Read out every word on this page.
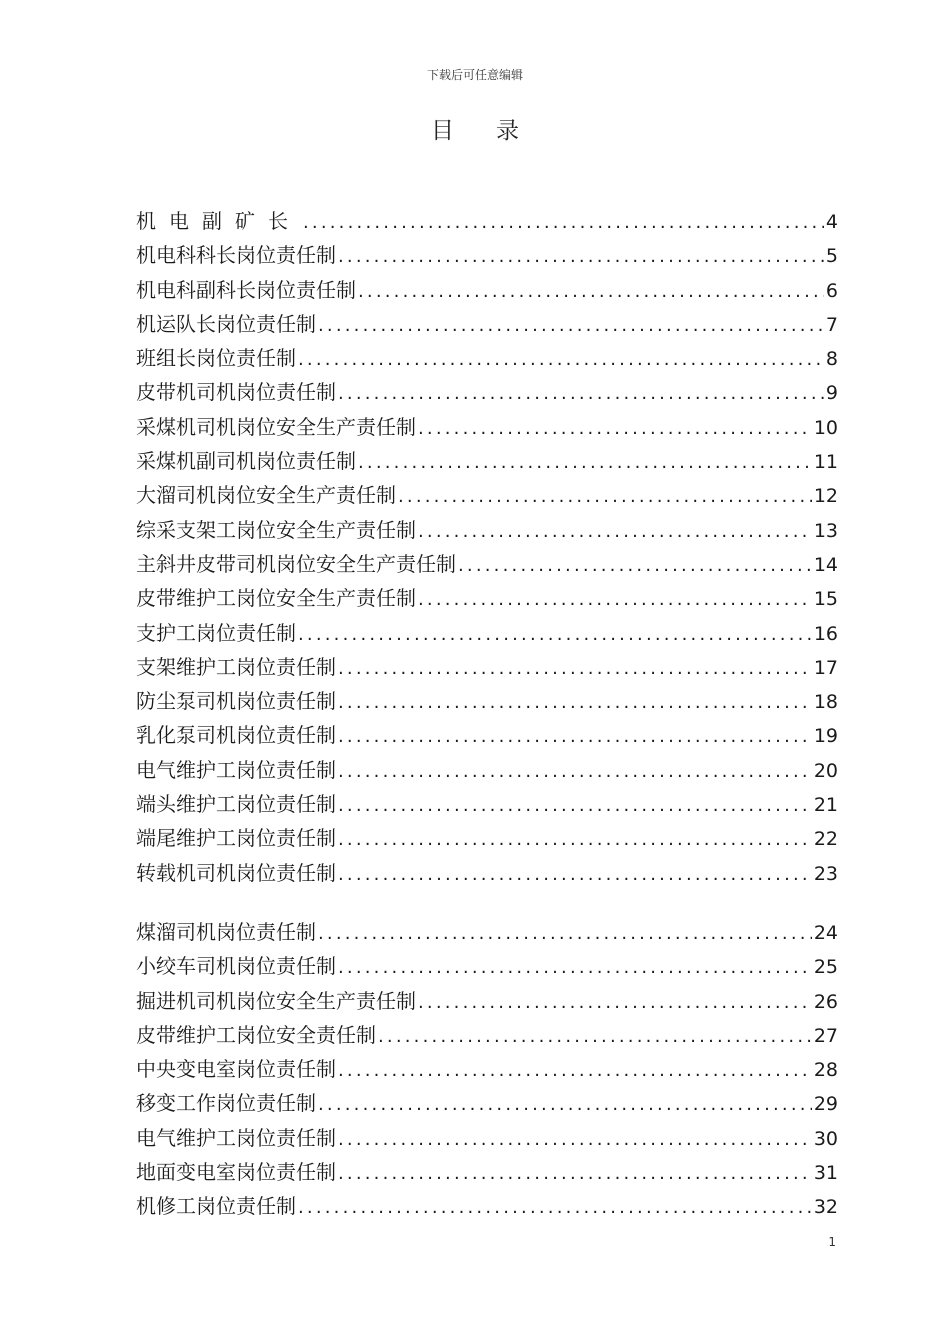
下载后可任意编辑
目录
机电副矿长 .....	4
机电科科长岗位责任制 .....	5
机电科副科长岗位责任制 .....	6
机运队长岗位责任制 .....	7
班组长岗位责任制 .....	8
皮带机司机岗位责任制 .....	9
采煤机司机岗位安全生产责任制 .....	10
采煤机副司机岗位责任制 .....	11
大溜司机岗位安全生产责任制 .....	12
综采支架工岗位安全生产责任制 .....	13
主斜井皮带司机岗位安全生产责任制 .....	14
皮带维护工岗位安全生产责任制 .....	15
支护工岗位责任制 .....	16
支架维护工岗位责任制 .....	17
防尘泵司机岗位责任制 .....	18
乳化泵司机岗位责任制 .....	19
电气维护工岗位责任制 .....	20
端头维护工岗位责任制 .....	21
端尾维护工岗位责任制 .....	22
转载机司机岗位责任制 .....	23
煤溜司机岗位责任制 .....	24
小绞车司机岗位责任制 .....	25
掘进机司机岗位安全生产责任制 .....	26
皮带维护工岗位安全责任制 .....	27
中央变电室岗位责任制 .....	28
移变工作岗位责任制 .....	29
电气维护工岗位责任制 .....	30
地面变电室岗位责任制 .....	31
机修工岗位责任制 .....	32
1
